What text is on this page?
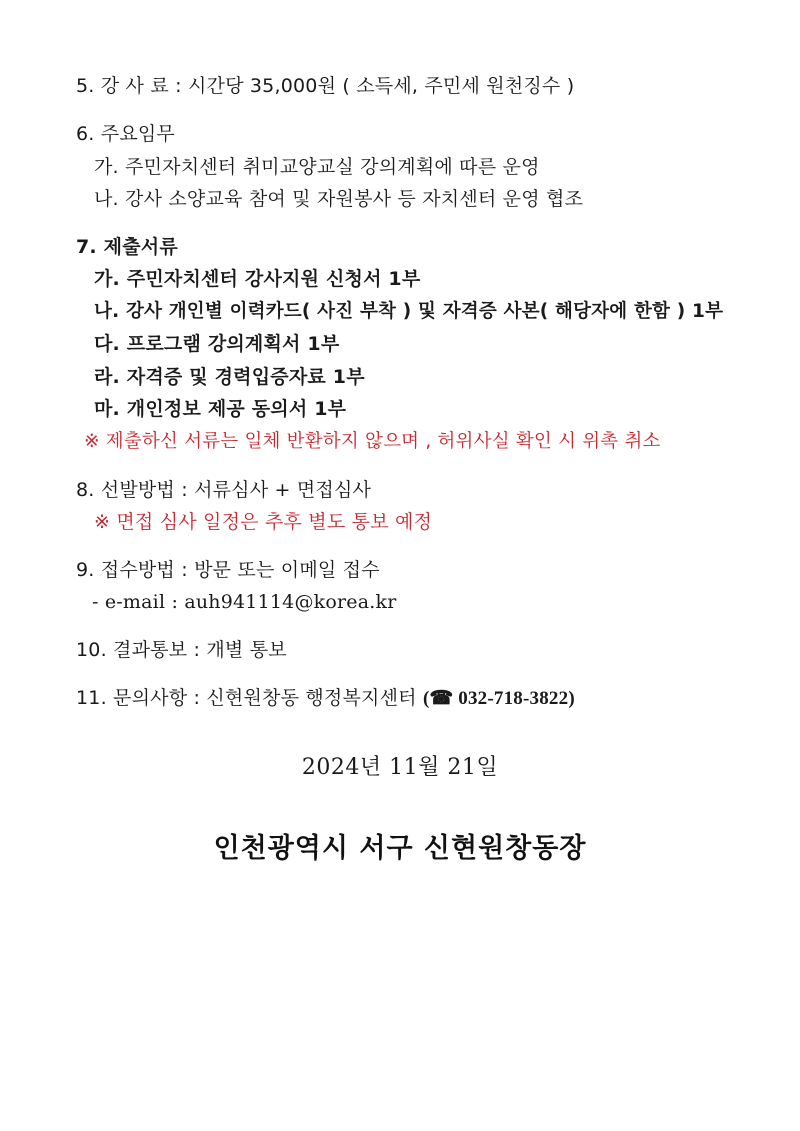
5. 강 사 료 : 시간당 35,000원 ( 소득세, 주민세 원천징수 )
6. 주요임무
가. 주민자치센터 취미교양교실 강의계획에 따른 운영
나. 강사 소양교육 참여 및 자원봉사 등 자치센터 운영 협조
7. 제출서류
가. 주민자치센터 강사지원 신청서 1부
나. 강사 개인별 이력카드( 사진 부착 ) 및 자격증 사본( 해당자에 한함 ) 1부
다. 프로그램 강의계획서 1부
라. 자격증 및 경력입증자료 1부
마. 개인정보 제공 동의서 1부
※ 제출하신 서류는 일체 반환하지 않으며 , 허위사실 확인 시 위촉 취소
8. 선발방법 : 서류심사 + 면접심사
※ 면접 심사 일정은 추후 별도 통보 예정
9. 접수방법 : 방문 또는 이메일 접수
- e-mail : auh941114@korea.kr
10. 결과통보 : 개별 통보
11. 문의사항 : 신현원창동 행정복지센터 (☎ 032-718-3822)
2024년 11월 21일
인천광역시 서구 신현원창동장
